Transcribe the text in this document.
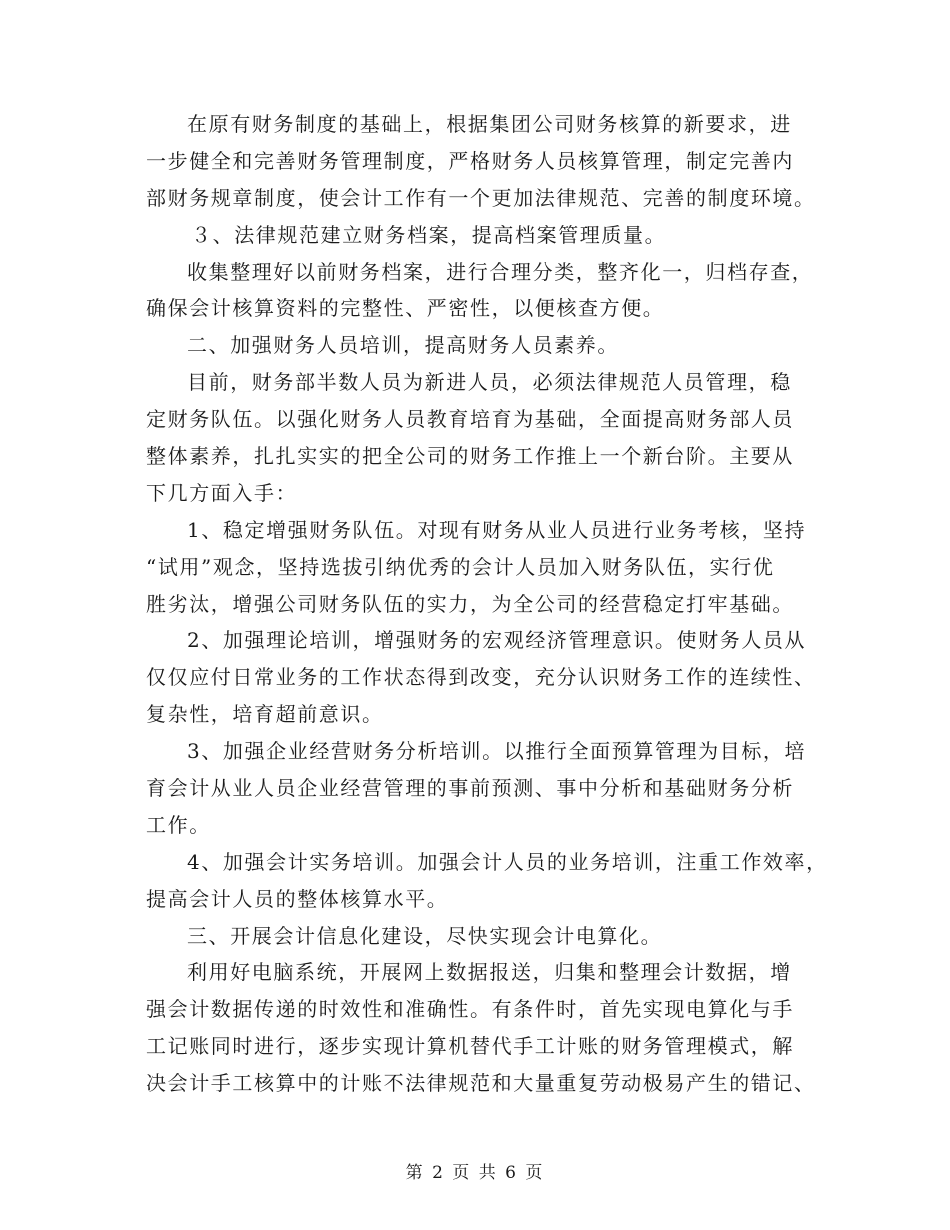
在原有财务制度的基础上，根据集团公司财务核算的新要求，进
一步健全和完善财务管理制度，严格财务人员核算管理，制定完善内
部财务规章制度，使会计工作有一个更加法律规范、完善的制度环境。
３、法律规范建立财务档案，提高档案管理质量。
收集整理好以前财务档案，进行合理分类，整齐化一，归档存查，
确保会计核算资料的完整性、严密性，以便核查方便。
二、加强财务人员培训，提高财务人员素养。
目前，财务部半数人员为新进人员，必须法律规范人员管理，稳
定财务队伍。以强化财务人员教育培育为基础，全面提高财务部人员
整体素养，扎扎实实的把全公司的财务工作推上一个新台阶。主要从
下几方面入手：
1、稳定增强财务队伍。对现有财务从业人员进行业务考核，坚持
“试用”观念，坚持选拔引纳优秀的会计人员加入财务队伍，实行优
胜劣汰，增强公司财务队伍的实力，为全公司的经营稳定打牢基础。
2、加强理论培训，增强财务的宏观经济管理意识。使财务人员从
仅仅应付日常业务的工作状态得到改变，充分认识财务工作的连续性、
复杂性，培育超前意识。
3、加强企业经营财务分析培训。以推行全面预算管理为目标，培
育会计从业人员企业经营管理的事前预测、事中分析和基础财务分析
工作。
4、加强会计实务培训。加强会计人员的业务培训，注重工作效率，
提高会计人员的整体核算水平。
三、开展会计信息化建设，尽快实现会计电算化。
利用好电脑系统，开展网上数据报送，归集和整理会计数据，增
强会计数据传递的时效性和准确性。有条件时，首先实现电算化与手
工记账同时进行，逐步实现计算机替代手工计账的财务管理模式，解
决会计手工核算中的计账不法律规范和大量重复劳动极易产生的错记、
第 2 页 共 6 页
